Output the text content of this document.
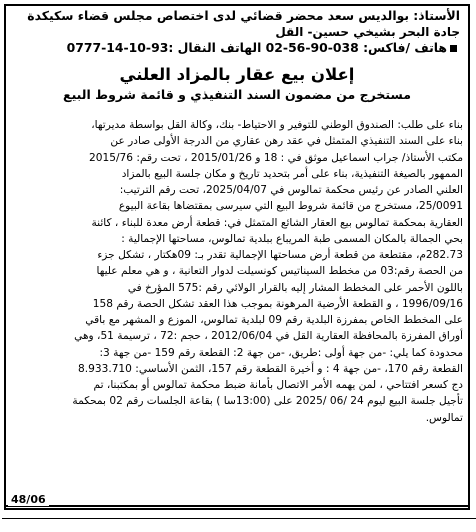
الأستاذ: بوالديس سعد محضر قضائي لدى اختصاص مجلس قضاء سكيكدة
جادة البحر بشيخي حسين- القل
هاتف /فاكس: 038-90-56-02 الهاتف النقال :93-10-14-0777
إعلان بيع عقار بالمزاد العلني
مستخرج من مضمون السند التنفيذي و قائمة شروط البيع
بناء على طلب: الصندوق الوطني للتوفير و الاحتياط- بنك، وكالة القل بواسطة مديرتها،
بناء على السند التنفيذي المتمثل في عقد رهن عقاري من الدرجة الأولى صادر عن
مكتب الأستاذ/ جراب اسماعيل موثق في : 18 و 2015/01/26 ، تحت رقم: 2015/76
الممهور بالصيغة التنفيذية، بناء على أمر بتحديد تاريخ و مكان جلسة البيع بالمزاد
العلني الصادر عن رئيس محكمة تمالوس في 2025/04/07، تحت رقم الترتيب:
25/0091، مستخرج من قائمة شروط البيع التي سيرسى بمقتضاها بقاعة البيوع
العقارية بمحكمة تمالوس بيع العقار الشائع المتمثل في: قطعة أرض معدة للبناء ، كائنة
بحي الجمالة بالمكان المسمى طبة المريباع ببلدية تمالوس، مساحتها الإجمالية :
282.73م، مقتطعة من قطعة أرض مساحتها الإجمالية تقدر بـ: 09هكتار ، تشكل جزء
من الحصة رقم:03 من مخطط السيناتيس كونسيلت لدوار التعانية ، و هي معلم عليها
باللون الأحمر على المخطط المشار إليه بالقرار الولائي رقم :575 المؤرخ في
1996/09/16 ، و القطعة الأرضية المرهونة بموجب هذا العقد تشكل الحصة رقم 158
على المخطط الخاص بمفرزة البلدية رقم 09 لبلدية تمالوس، الموزع و المشهر مع باقي
أوراق المفرزة بالمحافظة العقارية القل في 2012/06/04 ، حجم :72 ، ترسيمة 51، وهي
محدودة كما يلي: -من جهة أولى :طريق، -من جهة 2: القطعة رقم 159 -من جهة 3:
القطعة رقم 170، -من جهة 4 : و أخيرة القطعة رقم 157، الثمن الأساسي: 8.933.710
دج كسعر افتتاحي ، لمن يهمه الأمر الاتصال بأمانة ضبط محكمة تمالوس أو بمكتبنا، تم
تأجيل جلسة البيع ليوم 24 /06 /2025 على (13:00سا ) بقاعة الجلسات رقم 02 بمحكمة
تمالوس.
48/06
